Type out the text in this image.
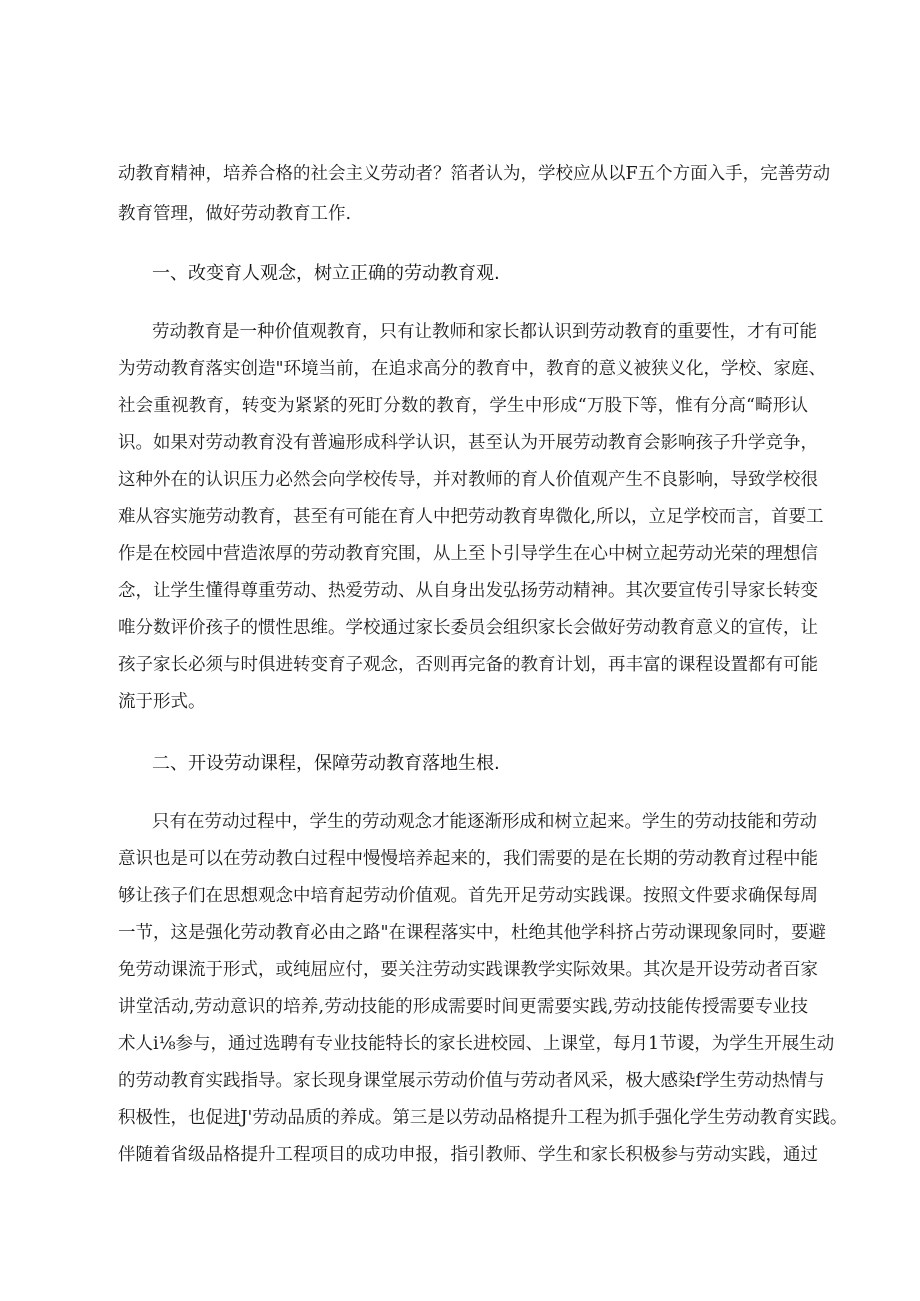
动教育精神，培养合格的社会主义劳动者？箔者认为，学校应从以F五个方面入手，完善劳动
教育管理，做好劳动教育工作.
一、改变育人观念，树立正确的劳动教育观.
劳动教育是一种价值观教育，只有让教师和家长都认识到劳动教育的重要性，才有可能
为劳动教育落实创造"环境当前，在追求高分的教育中，教育的意义被狭义化，学校、家庭、
社会重视教育，转变为紧紧的死盯分数的教育，学生中形成“万股下等，惟有分高“畸形认
识。如果对劳动教育没有普遍形成科学认识，甚至认为开展劳动教育会影响孩子升学竞争，
这种外在的认识压力必然会向学校传导，并对教师的育人价值观产生不良影响，导致学校很
难从容实施劳动教育，甚至有可能在育人中把劳动教育卑微化,所以，立足学校而言，首要工
作是在校园中营造浓厚的劳动教育究围，从上至卜引导学生在心中树立起劳动光荣的理想信
念，让学生懂得尊重劳动、热爱劳动、从自身出发弘扬劳动精神。其次要宣传引导家长转变
唯分数评价孩子的惯性思维。学校通过家长委员会组织家长会做好劳动教育意义的宣传，让
孩子家长必须与时俱进转变育子观念，否则再完备的教育计划，再丰富的课程设置都有可能
流于形式。
二、开设劳动课程，保障劳动教育落地生根.
只有在劳动过程中，学生的劳动观念才能逐渐形成和树立起来。学生的劳动技能和劳动
意识也是可以在劳动教白过程中慢慢培养起来的，我们需要的是在长期的劳动教育过程中能
够让孩子们在思想观念中培育起劳动价值观。首先开足劳动实践课。按照文件要求确保每周
一节，这是强化劳动教育必由之路"在课程落实中，杜绝其他学科挤占劳动课现象同时，要避
免劳动课流于形式，或纯屈应付，要关注劳动实践课教学实际效果。其次是开设劳动者百家
讲堂活动,劳动意识的培养,劳动技能的形成需要时间更需要实践,劳动技能传授需要专业技
术人i⅛参与，通过选聘有专业技能特长的家长进校园、上课堂，每月1节谡，为学生开展生动
的劳动教育实践指导。家长现身课堂展示劳动价值与劳动者风采，极大感染f学生劳动热情与
积极性，也促进J'劳动品质的养成。第三是以劳动品格提升工程为抓手强化学生劳动教育实践。
伴随着省级品格提升工程项目的成功申报，指引教师、学生和家长积极参与劳动实践，通过
